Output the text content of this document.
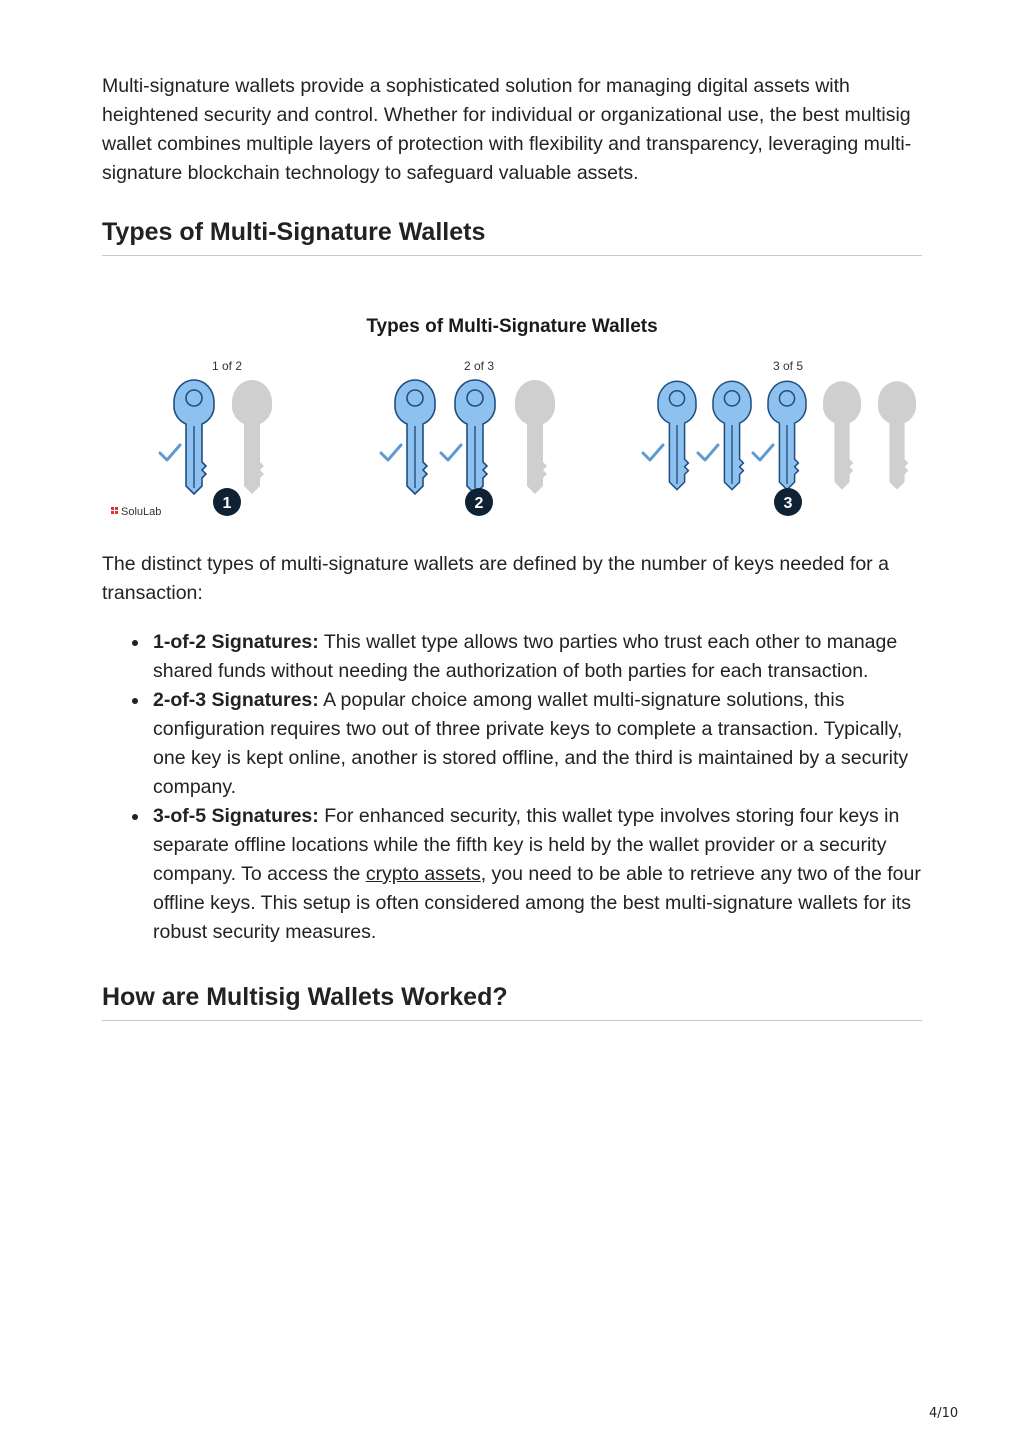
Multi-signature wallets provide a sophisticated solution for managing digital assets with heightened security and control. Whether for individual or organizational use, the best multisig wallet combines multiple layers of protection with flexibility and transparency, leveraging multi-signature blockchain technology to safeguard valuable assets.

Types of Multi-Signature Wallets
Types of Multi-Signature Wallets
1 of 2
1
2 of 3
2
3 of 5
3
SoluLab

The distinct types of multi-signature wallets are defined by the number of keys needed for a transaction:

1-of-2 Signatures: This wallet type allows two parties who trust each other to manage shared funds without needing the authorization of both parties for each transaction.
2-of-3 Signatures: A popular choice among wallet multi-signature solutions, this configuration requires two out of three private keys to complete a transaction. Typically, one key is kept online, another is stored offline, and the third is maintained by a security company.
3-of-5 Signatures: For enhanced security, this wallet type involves storing four keys in separate offline locations while the fifth key is held by the wallet provider or a security company. To access the crypto assets, you need to be able to retrieve any two of the four offline keys. This setup is often considered among the best multi-signature wallets for its robust security measures.
How are Multisig Wallets Worked?
4/10
